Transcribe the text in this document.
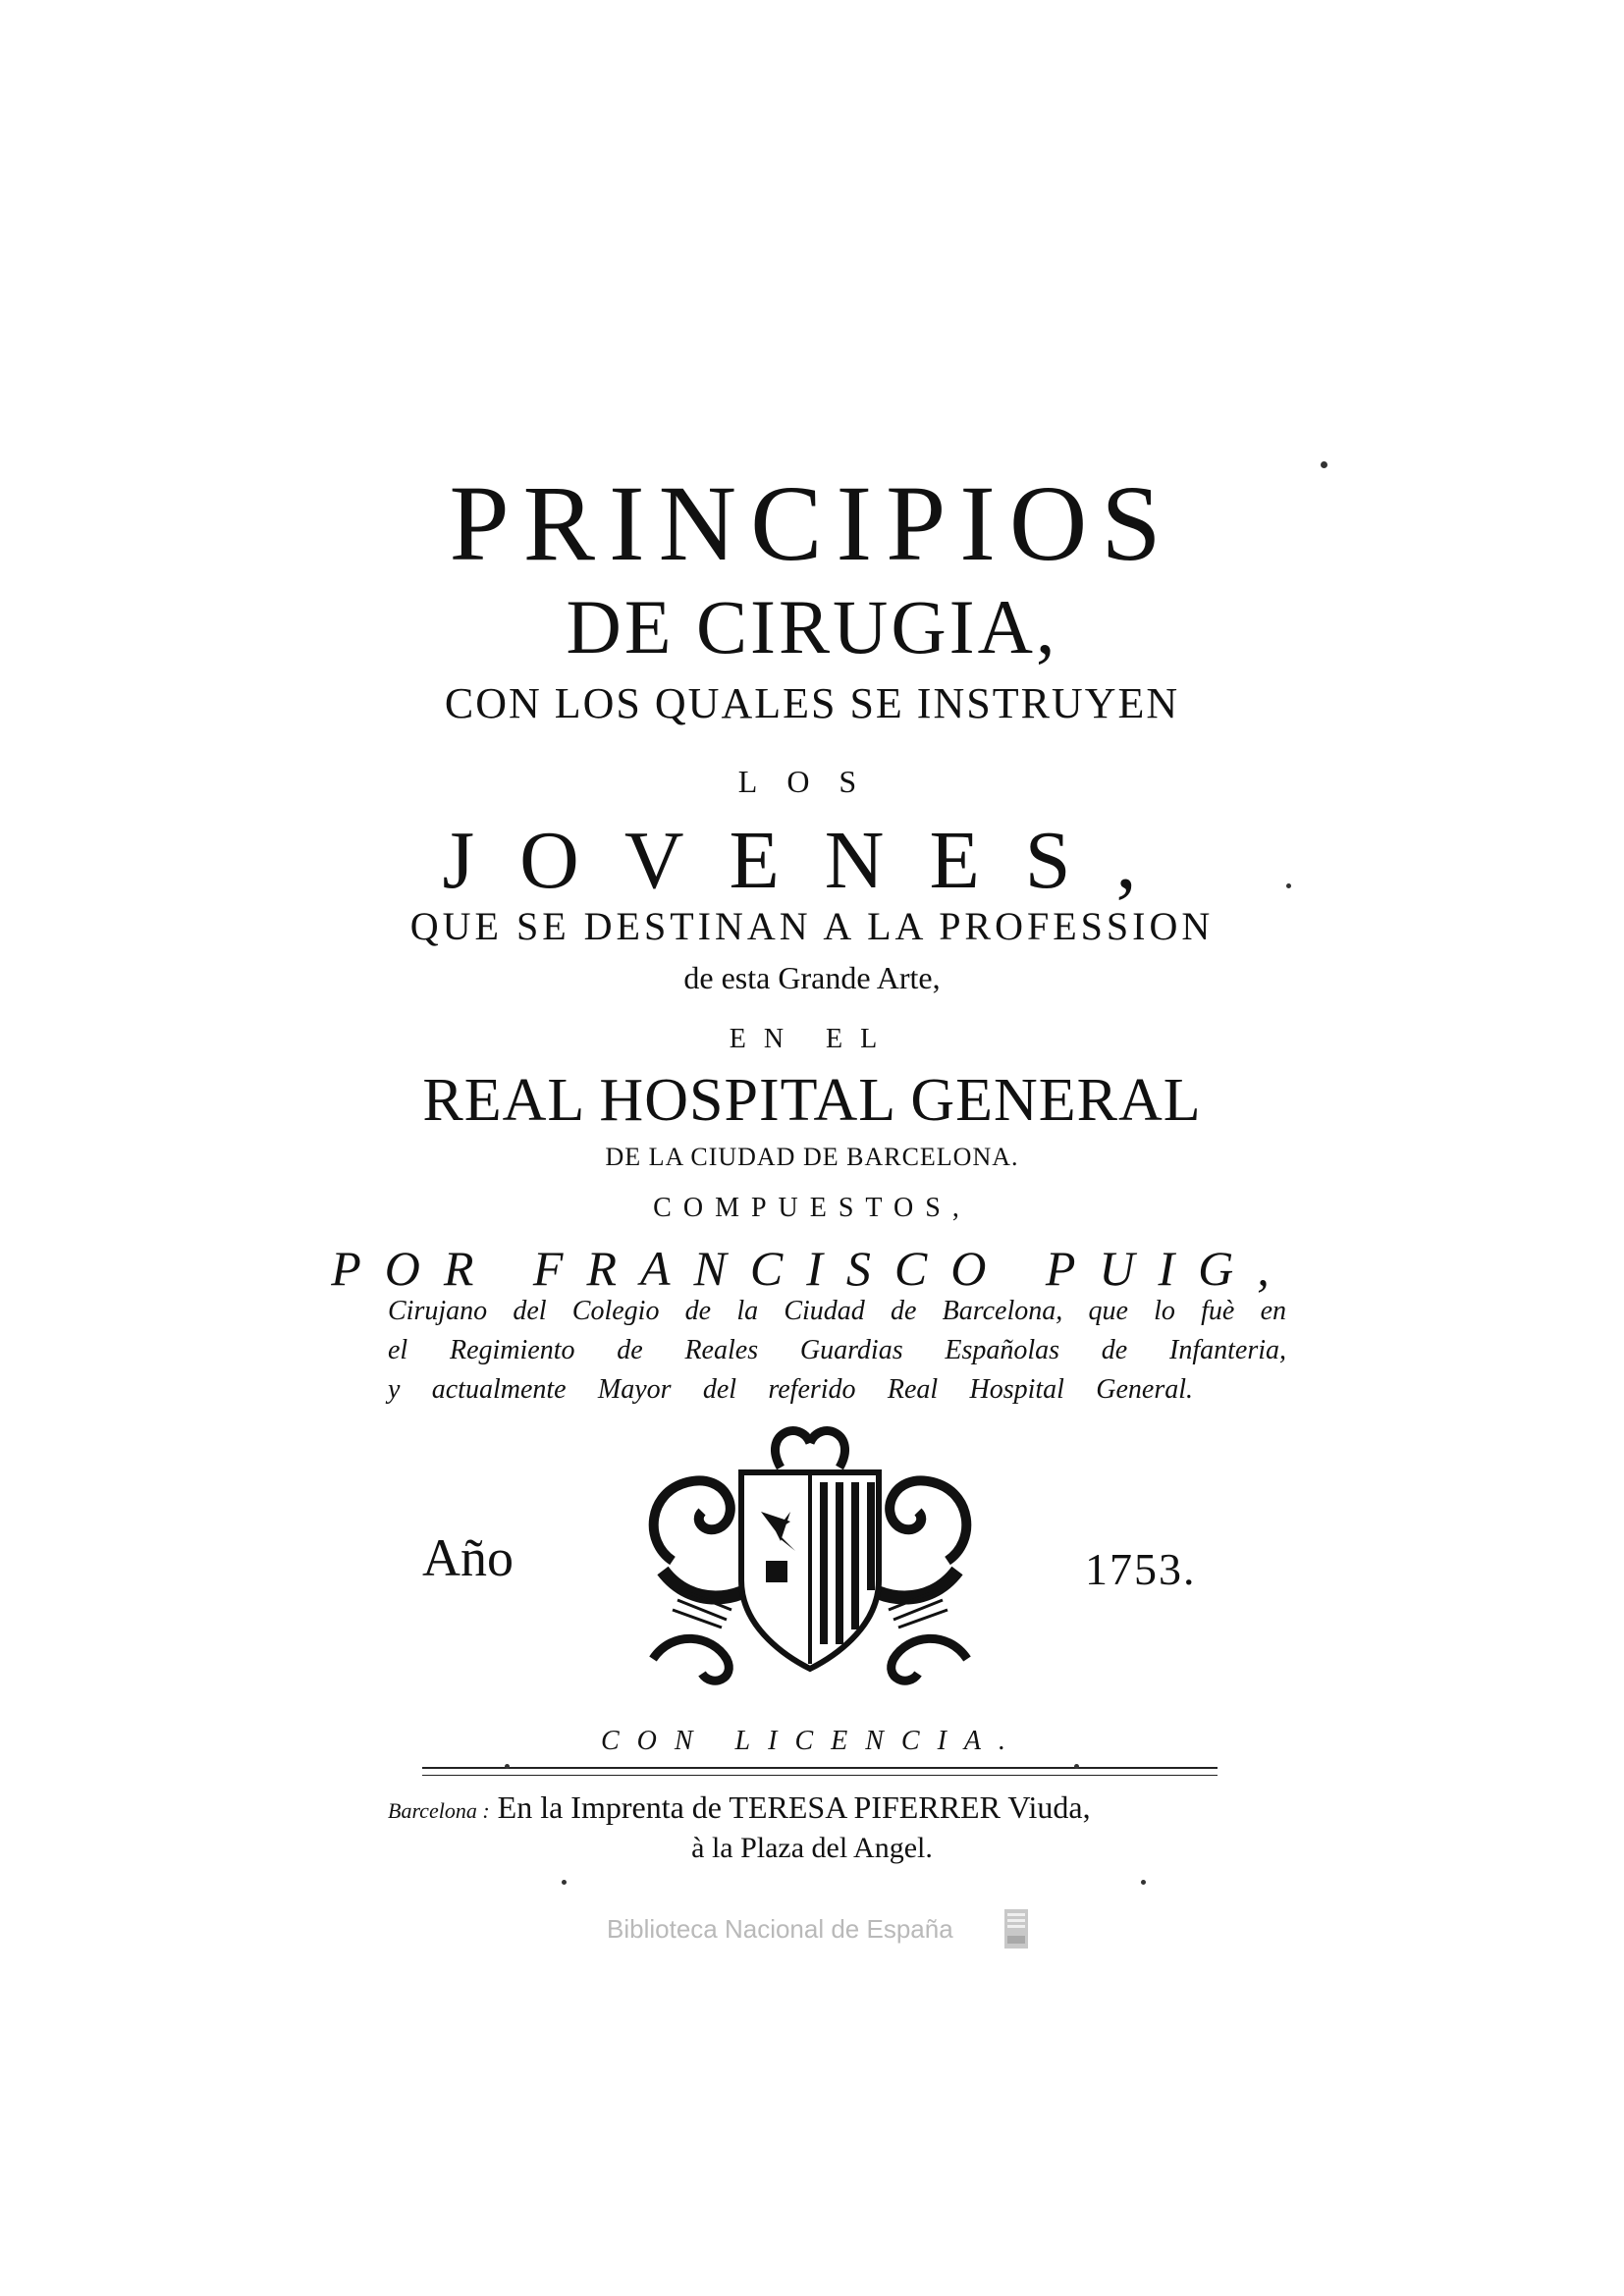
PRINCIPIOS
DE CIRUGIA,
CON LOS QUALES SE INSTRUYEN
LOS
JOVENES,
QUE SE DESTINAN A LA PROFESSION
de esta Grande Arte,
EN EL
REAL HOSPITAL GENERAL
DE LA CIUDAD DE BARCELONA.
COMPUESTOS,
POR FRANCISCO PUIG,
Cirujano del Colegio de la Ciudad de Barcelona, que lo fuè en
el Regimiento de Reales Guardias Españolas de Infanteria,
y actualmente Mayor del referido Real Hospital General.
Año	1753.
CON LICENCIA.
Barcelona : En la Imprenta de TERESA PIFERRER Viuda,
à la Plaza del Angel.
Biblioteca Nacional de España
